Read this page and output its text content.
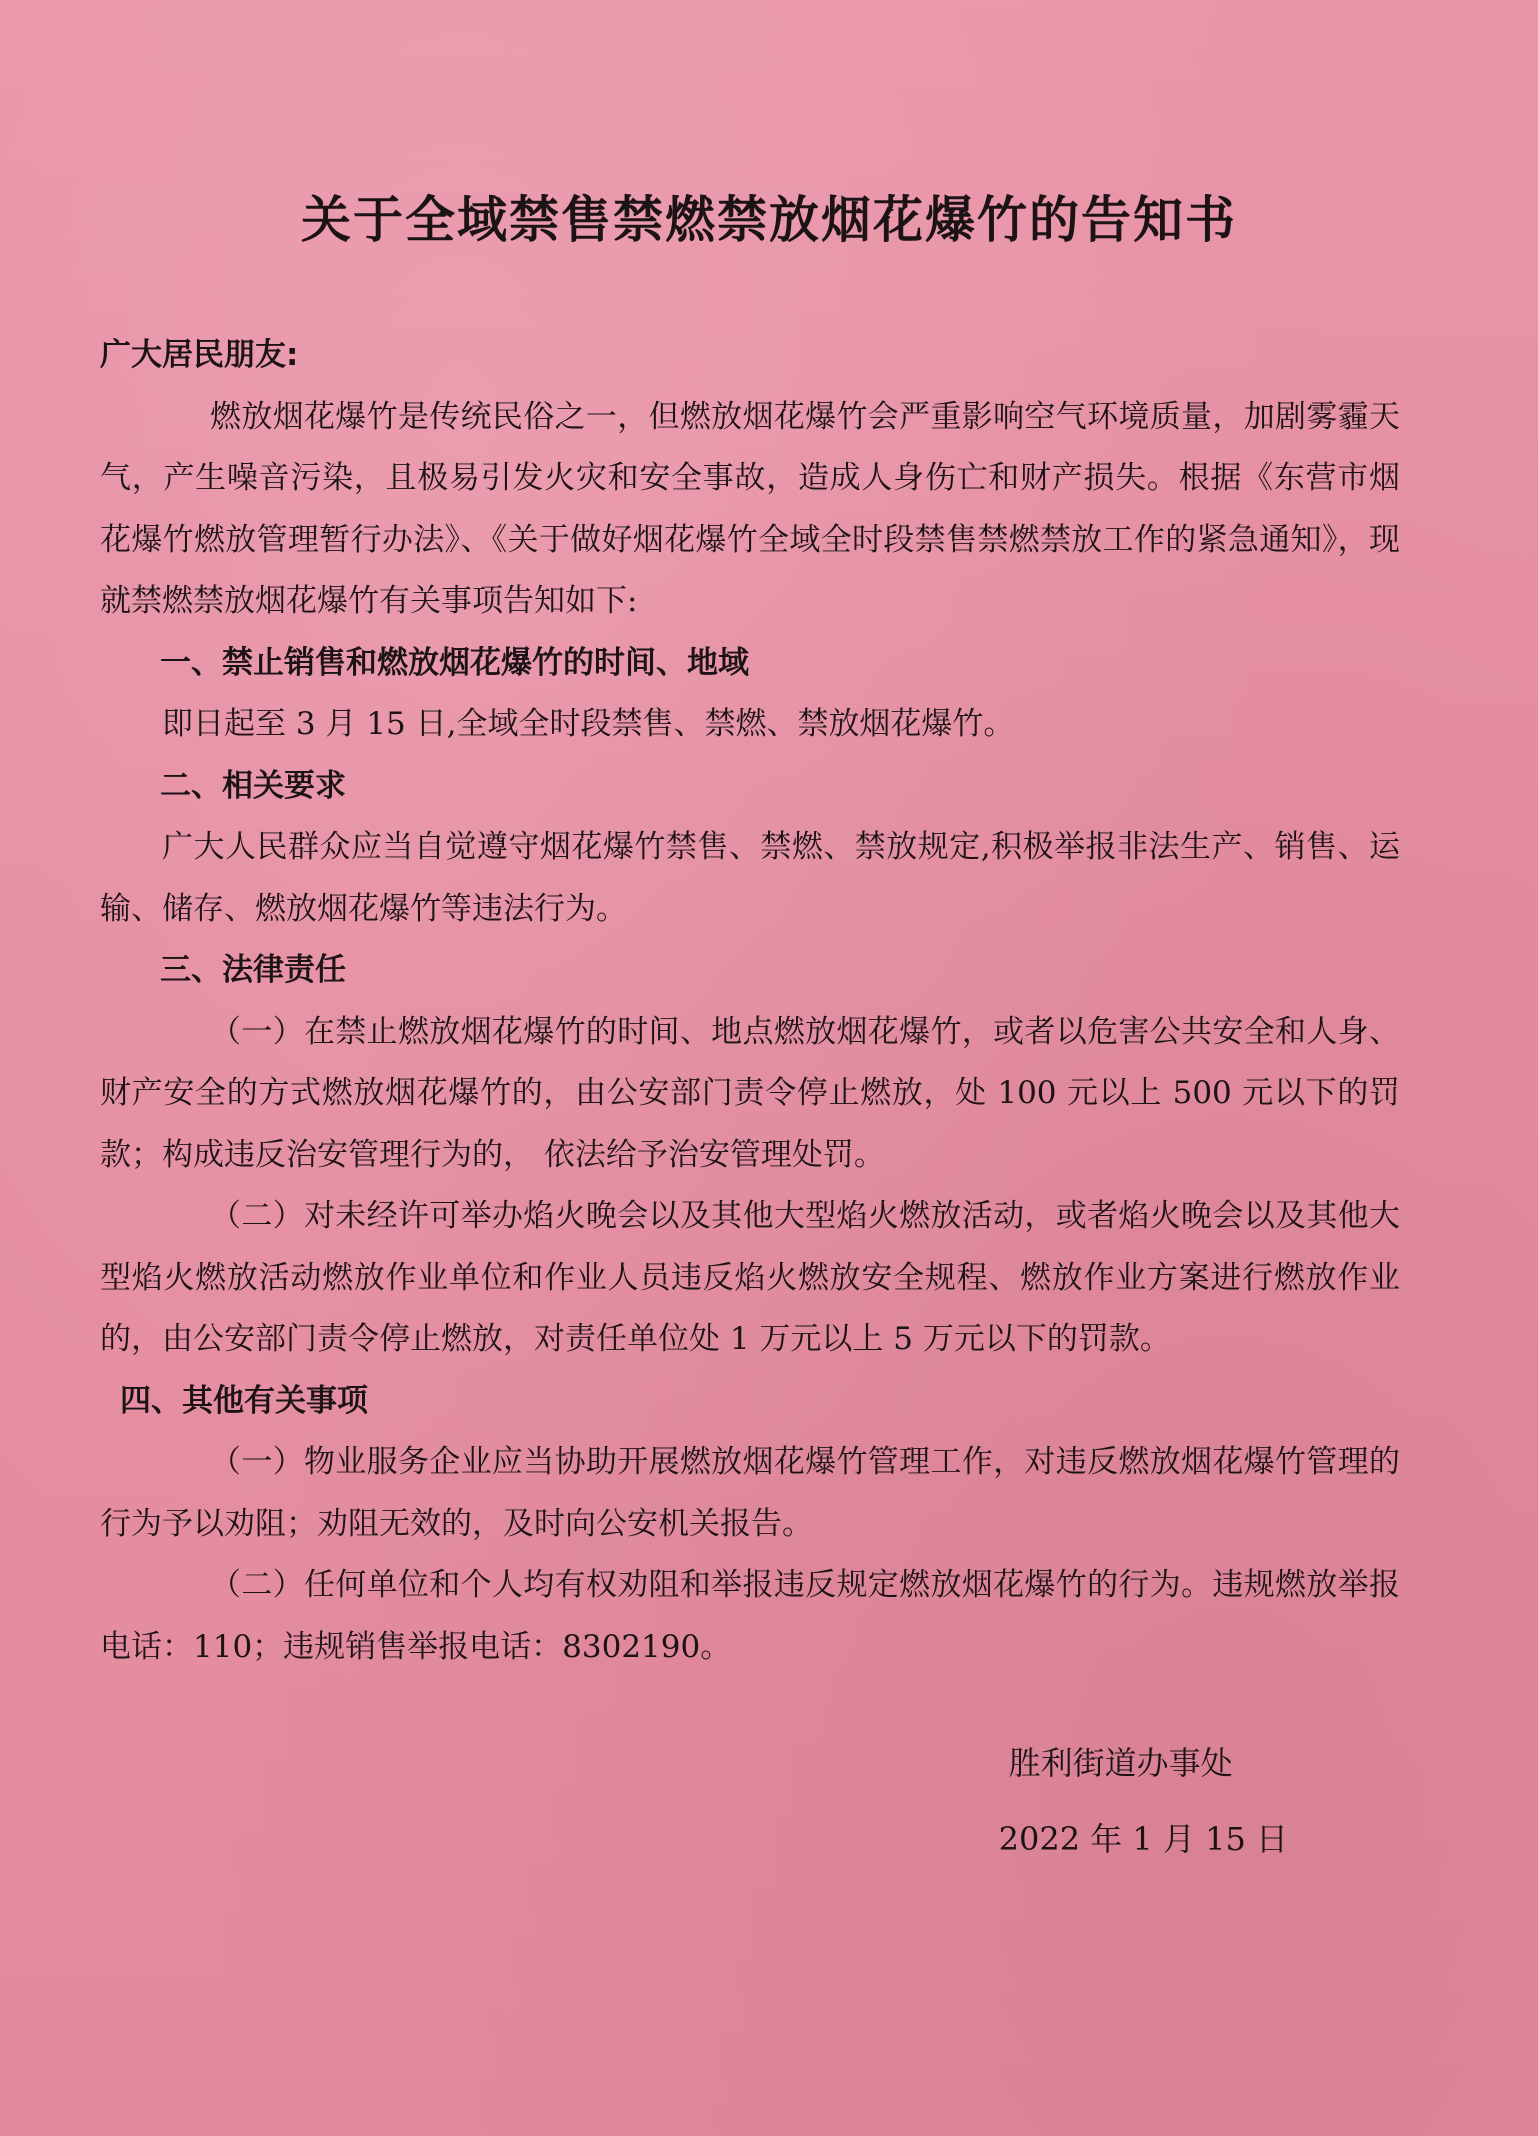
关于全域禁售禁燃禁放烟花爆竹的告知书

广大居民朋友:

燃放烟花爆竹是传统民俗之一，但燃放烟花爆竹会严重影响空气环境质量，加剧雾霾天气，产生噪音污染，且极易引发火灾和安全事故，造成人身伤亡和财产损失。根据《东营市烟花爆竹燃放管理暂行办法》、《关于做好烟花爆竹全域全时段禁售禁燃禁放工作的紧急通知》，现就禁燃禁放烟花爆竹有关事项告知如下:

一、禁止销售和燃放烟花爆竹的时间、地域

即日起至 3 月 15 日,全域全时段禁售、禁燃、禁放烟花爆竹。

二、相关要求

广大人民群众应当自觉遵守烟花爆竹禁售、禁燃、禁放规定,积极举报非法生产、销售、运输、储存、燃放烟花爆竹等违法行为。

三、法律责任

（一）在禁止燃放烟花爆竹的时间、地点燃放烟花爆竹，或者以危害公共安全和人身、财产安全的方式燃放烟花爆竹的，由公安部门责令停止燃放，处 100 元以上 500 元以下的罚款；构成违反治安管理行为的， 依法给予治安管理处罚。

（二）对未经许可举办焰火晚会以及其他大型焰火燃放活动，或者焰火晚会以及其他大型焰火燃放活动燃放作业单位和作业人员违反焰火燃放安全规程、燃放作业方案进行燃放作业的，由公安部门责令停止燃放，对责任单位处 1 万元以上 5 万元以下的罚款。

四、其他有关事项

（一）物业服务企业应当协助开展燃放烟花爆竹管理工作，对违反燃放烟花爆竹管理的行为予以劝阻；劝阻无效的，及时向公安机关报告。

（二）任何单位和个人均有权劝阻和举报违反规定燃放烟花爆竹的行为。违规燃放举报电话：110；违规销售举报电话：8302190。

胜利街道办事处
2022 年 1 月 15 日
